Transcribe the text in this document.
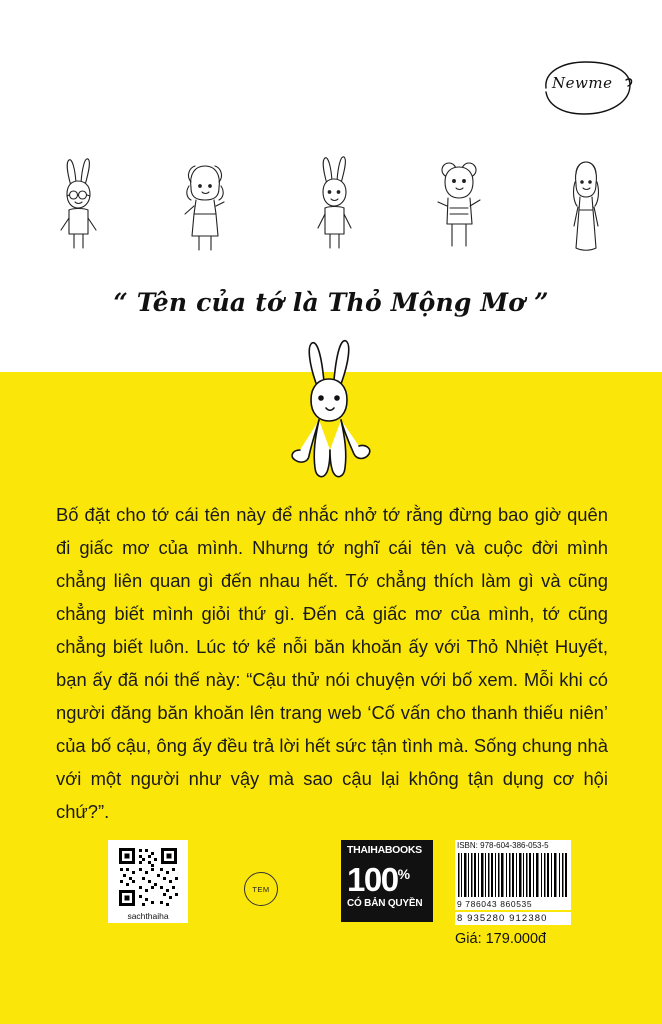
Newme
“ Tên của tớ là Thỏ Mộng Mơ ”
Bố đặt cho tớ cái tên này để nhắc nhở tớ rằng đừng bao giờ quên đi giấc mơ của mình. Nhưng tớ nghĩ cái tên và cuộc đời mình chẳng liên quan gì đến nhau hết. Tớ chẳng thích làm gì và cũng chẳng biết mình giỏi thứ gì. Đến cả giấc mơ của mình, tớ cũng chẳng biết luôn. Lúc tớ kể nỗi băn khoăn ấy với Thỏ Nhiệt Huyết, bạn ấy đã nói thế này: “Cậu thử nói chuyện với bố xem. Mỗi khi có người đăng băn khoăn lên trang web ‘Cố vấn cho thanh thiếu niên’ của bố cậu, ông ấy đều trả lời hết sức tận tình mà. Sống chung nhà với một người như vậy mà sao cậu lại không tận dụng cơ hội chứ?”.
sachthaiha
TEM
THAIHABOOKS
100%
CÓ BẢN QUYỀN
ISBN: 978-604-386-053-5
9 786043 860535
8 935280 912380
Giá: 179.000đ
